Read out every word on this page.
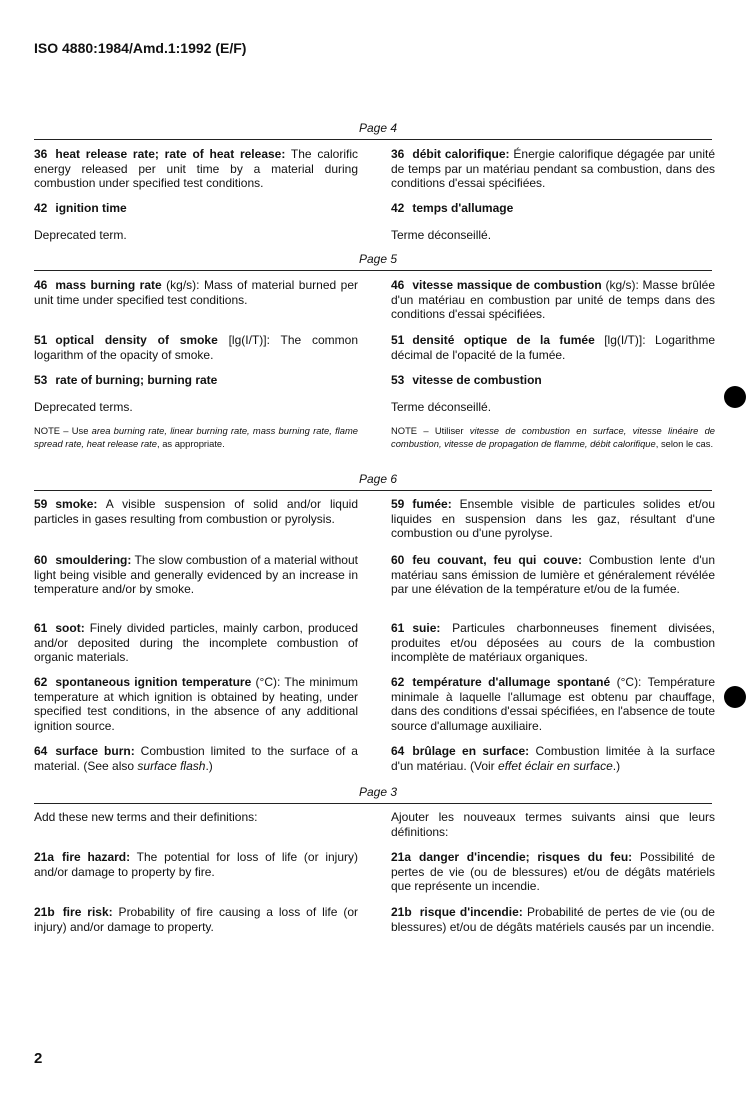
ISO 4880:1984/Amd.1:1992 (E/F)
Page 4
36 heat release rate; rate of heat release: The calorific energy released per unit time by a material during combustion under specified test conditions.
36 débit calorifique: Énergie calorifique dégagée par unité de temps par un matériau pendant sa combustion, dans des conditions d'essai spécifiées.
42 ignition time	42 temps d'allumage
Deprecated term.	Terme déconseillé.
Page 5
46 mass burning rate (kg/s): Mass of material burned per unit time under specified test conditions.
46 vitesse massique de combustion (kg/s): Masse brûlée d'un matériau en combustion par unité de temps dans des conditions d'essai spécifiées.
51 optical density of smoke [lg(I/T)]: The common logarithm of the opacity of smoke.
51 densité optique de la fumée [lg(I/T)]: Logarithme décimal de l'opacité de la fumée.
53 rate of burning; burning rate	53 vitesse de combustion
Deprecated terms.	Terme déconseillé.
NOTE – Use area burning rate, linear burning rate, mass burning rate, flame spread rate, heat release rate, as appropriate.
NOTE – Utiliser vitesse de combustion en surface, vitesse linéaire de combustion, vitesse de propagation de flamme, débit calorifique, selon le cas.
Page 6
59 smoke: A visible suspension of solid and/or liquid particles in gases resulting from combustion or pyrolysis.
59 fumée: Ensemble visible de particules solides et/ou liquides en suspension dans les gaz, résultant d'une combustion ou d'une pyrolyse.
60 smouldering: The slow combustion of a material without light being visible and generally evidenced by an increase in temperature and/or by smoke.
60 feu couvant, feu qui couve: Combustion lente d'un matériau sans émission de lumière et généralement révélée par une élévation de la température et/ou de la fumée.
61 soot: Finely divided particles, mainly carbon, produced and/or deposited during the incomplete combustion of organic materials.
61 suie: Particules charbonneuses finement divisées, produites et/ou déposées au cours de la combustion incomplète de matériaux organiques.
62 spontaneous ignition temperature (°C): The minimum temperature at which ignition is obtained by heating, under specified test conditions, in the absence of any additional ignition source.
62 température d'allumage spontané (°C): Température minimale à laquelle l'allumage est obtenu par chauffage, dans des conditions d'essai spécifiées, en l'absence de toute source d'allumage auxiliaire.
64 surface burn: Combustion limited to the surface of a material. (See also surface flash.)
64 brûlage en surface: Combustion limitée à la surface d'un matériau. (Voir effet éclair en surface.)
Page 3
Add these new terms and their definitions:	Ajouter les nouveaux termes suivants ainsi que leurs définitions:
21a fire hazard: The potential for loss of life (or injury) and/or damage to property by fire.
21a danger d'incendie; risques du feu: Possibilité de pertes de vie (ou de blessures) et/ou de dégâts matériels que représente un incendie.
21b fire risk: Probability of fire causing a loss of life (or injury) and/or damage to property.
21b risque d'incendie: Probabilité de pertes de vie (ou de blessures) et/ou de dégâts matériels causés par un incendie.
2
